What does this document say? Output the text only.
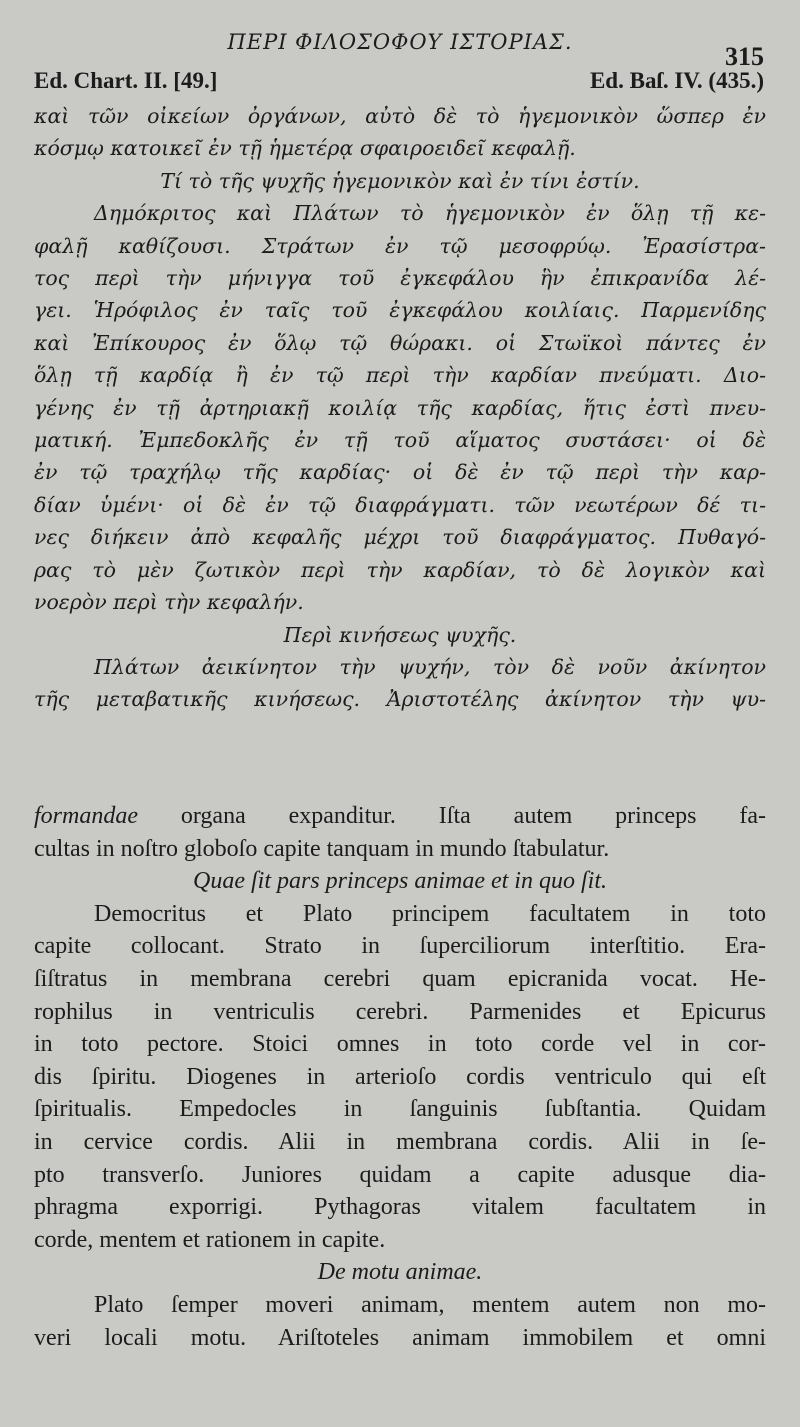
ΠΕΡΙ ΦΙΛΟΣΟΦΟΥ ΙΣΤΟΡΙΑΣ.	315
Ed. Chart. II. [49.]	Ed. Baſ. IV. (435.)
καὶ τῶν οἰκείων ὀργάνων, αὐτὸ δὲ τὸ ἡγεμονικὸν ὥσπερ ἐν
κόσμῳ κατοικεῖ ἐν τῇ ἡμετέρᾳ σφαιροειδεῖ κεφαλῇ.
Τί τὸ τῆς ψυχῆς ἡγεμονικὸν καὶ ἐν τίνι ἐστίν.
Δημόκριτος καὶ Πλάτων τὸ ἡγεμονικὸν ἐν ὅλῃ τῇ κε-
φαλῇ καθίζουσι. Στράτων ἐν τῷ μεσοφρύῳ. Ἐρασίστρα-
τος περὶ τὴν μήνιγγα τοῦ ἐγκεφάλου ἣν ἐπικρανίδα λέ-
γει. Ἡρόφιλος ἐν ταῖς τοῦ ἐγκεφάλου κοιλίαις. Παρμενίδης
καὶ Ἐπίκουρος ἐν ὅλῳ τῷ θώρακι. οἱ Στωϊκοὶ πάντες ἐν
ὅλῃ τῇ καρδίᾳ ἢ ἐν τῷ περὶ τὴν καρδίαν πνεύματι. Διο-
γένης ἐν τῇ ἀρτηριακῇ κοιλίᾳ τῆς καρδίας, ἥτις ἐστὶ πνευ-
ματική. Ἐμπεδοκλῆς ἐν τῇ τοῦ αἵματος συστάσει· οἱ δὲ
ἐν τῷ τραχήλῳ τῆς καρδίας· οἱ δὲ ἐν τῷ περὶ τὴν καρ-
δίαν ὑμένι· οἱ δὲ ἐν τῷ διαφράγματι. τῶν νεωτέρων δέ τι-
νες διήκειν ἀπὸ κεφαλῆς μέχρι τοῦ διαφράγματος. Πυθαγό-
ρας τὸ μὲν ζωτικὸν περὶ τὴν καρδίαν, τὸ δὲ λογικὸν καὶ
νοερὸν περὶ τὴν κεφαλήν.
Περὶ κινήσεως ψυχῆς.
Πλάτων ἀεικίνητον τὴν ψυχήν, τὸν δὲ νοῦν ἀκίνητον
τῆς μεταβατικῆς κινήσεως. Ἀριστοτέλης ἀκίνητον τὴν ψυ-
formandae organa expanditur. Iſta autem princeps fa-
cultas in noſtro globoſo capite tanquam in mundo ſtabulatur.
Quae ſit pars princeps animae et in quo ſit.
Democritus et Plato principem facultatem in toto
capite collocant. Strato in ſuperciliorum interſtitio. Era-
ſiſtratus in membrana cerebri quam epicranida vocat. He-
rophilus in ventriculis cerebri. Parmenides et Epicurus
in toto pectore. Stoici omnes in toto corde vel in cor-
dis ſpiritu. Diogenes in arterioſo cordis ventriculo qui eſt
ſpiritualis. Empedocles in ſanguinis ſubſtantia. Quidam
in cervice cordis. Alii in membrana cordis. Alii in ſe-
pto transverſo. Juniores quidam a capite adusque dia-
phragma exporrigi. Pythagoras vitalem facultatem in
corde, mentem et rationem in capite.
De motu animae.
Plato ſemper moveri animam, mentem autem non mo-
veri locali motu. Ariſtoteles animam immobilem et omni
